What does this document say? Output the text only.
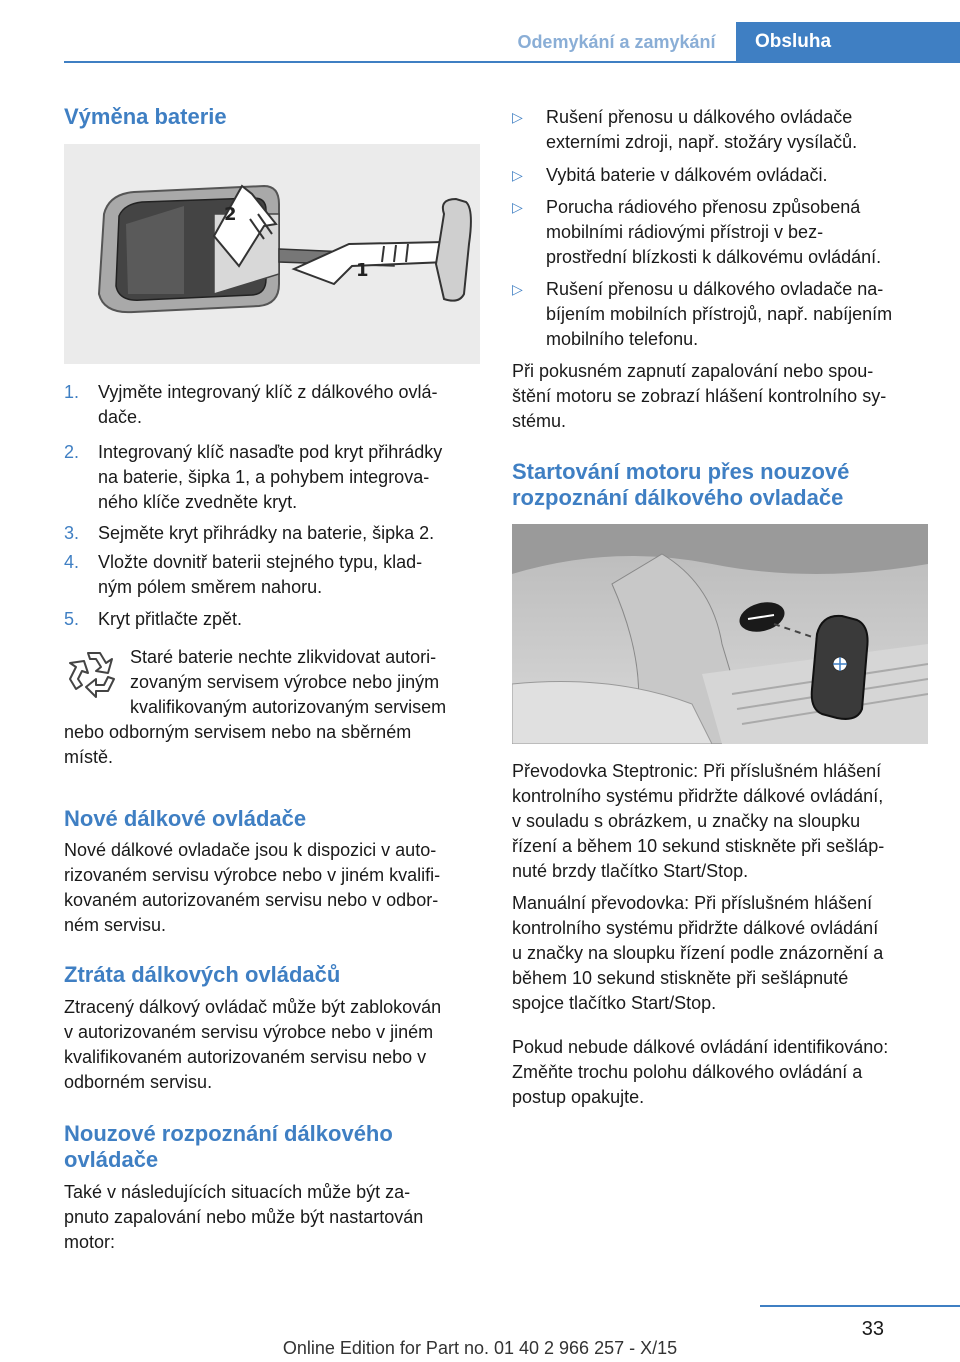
Odemykání a zamykání	Obsluha
Výměna baterie
1
2
1. Vyjměte integrovaný klíč z dálkového ovlá‐
dače.
2. Integrovaný klíč nasaďte pod kryt přihrádky
na baterie, šipka 1, a pohybem integrova‐
ného klíče zvedněte kryt.
3. Sejměte kryt přihrádky na baterie, šipka 2.
4. Vložte dovnitř baterii stejného typu, klad‐
ným pólem směrem nahoru.
5. Kryt přitlačte zpět.
Staré baterie nechte zlikvidovat autori‐
zovaným servisem výrobce nebo jiným
kvalifikovaným autorizovaným servisem
nebo odborným servisem nebo na sběrném
místě.
Nové dálkové ovládače
Nové dálkové ovladače jsou k dispozici v auto‐
rizovaném servisu výrobce nebo v jiném kvalifi‐
kovaném autorizovaném servisu nebo v odbor‐
ném servisu.
Ztráta dálkových ovládačů
Ztracený dálkový ovládač může být zablokován
v autorizovaném servisu výrobce nebo v jiném
kvalifikovaném autorizovaném servisu nebo v
odborném servisu.
Nouzové rozpoznání dálkového
ovládače
Také v následujících situacích může být za‐
pnuto zapalování nebo může být nastartován
motor:
▷ Rušení přenosu u dálkového ovládače
externími zdroji, např. stožáry vysílačů.
▷ Vybitá baterie v dálkovém ovládači.
▷ Porucha rádiového přenosu způsobená
mobilními rádiovými přístroji v bez‐
prostřední blízkosti k dálkovému ovládání.
▷ Rušení přenosu u dálkového ovladače na‐
bíjením mobilních přístrojů, např. nabíjením
mobilního telefonu.
Při pokusném zapnutí zapalování nebo spou‐
štění motoru se zobrazí hlášení kontrolního sy‐
stému.
Startování motoru přes nouzové
rozpoznání dálkového ovladače
Převodovka Steptronic: Při příslušném hlášení
kontrolního systému přidržte dálkové ovládání,
v souladu s obrázkem, u značky na sloupku
řízení a během 10 sekund stiskněte při sešláp‐
nuté brzdy tlačítko Start/Stop.
Manuální převodovka: Při příslušném hlášení
kontrolního systému přidržte dálkové ovládání
u značky na sloupku řízení podle znázornění a
během 10 sekund stiskněte při sešlápnuté
spojce tlačítko Start/Stop.
Pokud nebude dálkové ovládání identifikováno:
Změňte trochu polohu dálkového ovládání a
postup opakujte.
33
Online Edition for Part no. 01 40 2 966 257 - X/15
